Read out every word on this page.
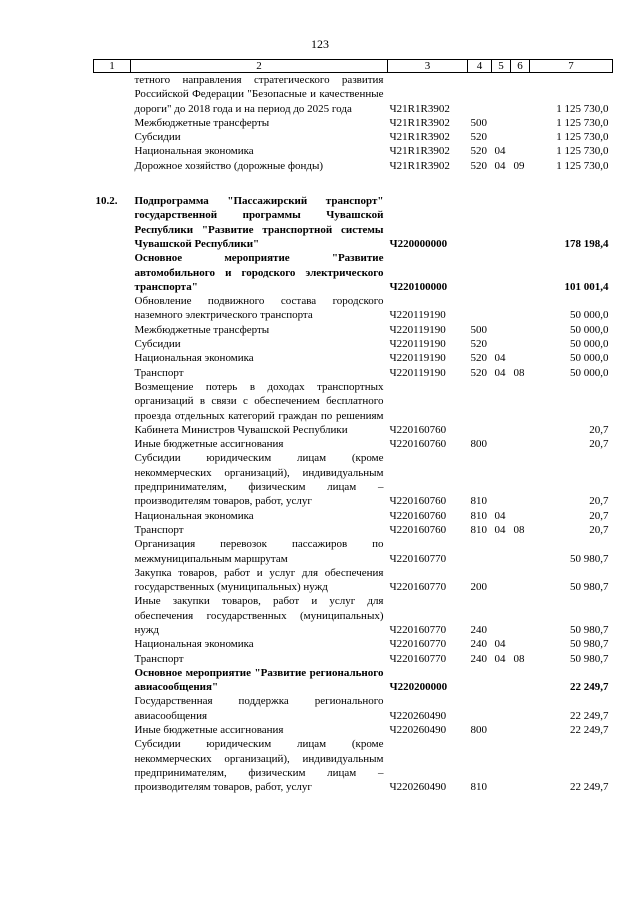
123
1	2	3	4	5	6	7
	тетного направления стратегического развития Российской Федерации "Безопасные и качественные дороги" до 2018 года и на период до 2025 года	Ч21R1R3902				1 125 730,0
	Межбюджетные трансферты	Ч21R1R3902	500			1 125 730,0
	Субсидии	Ч21R1R3902	520			1 125 730,0
	Национальная экономика	Ч21R1R3902	520	04		1 125 730,0
	Дорожное хозяйство (дорожные фонды)	Ч21R1R3902	520	04	09	1 125 730,0

10.2.	Подпрограмма "Пассажирский транспорт" государственной программы Чувашской Республики "Развитие транспортной системы Чувашской Республики"	Ч220000000				178 198,4
	Основное мероприятие "Развитие автомобильного и городского электрического транспорта"	Ч220100000				101 001,4
	Обновление подвижного состава городского наземного электрического транспорта	Ч220119190				50 000,0
	Межбюджетные трансферты	Ч220119190	500			50 000,0
	Субсидии	Ч220119190	520			50 000,0
	Национальная экономика	Ч220119190	520	04		50 000,0
	Транспорт	Ч220119190	520	04	08	50 000,0
	Возмещение потерь в доходах транспортных организаций в связи с обеспечением бесплатного проезда отдельных категорий граждан по решениям Кабинета Министров Чувашской Республики	Ч220160760				20,7
	Иные бюджетные ассигнования	Ч220160760	800			20,7
	Субсидии юридическим лицам (кроме некоммерческих организаций), индивидуальным предпринимателям, физическим лицам – производителям товаров, работ, услуг	Ч220160760	810			20,7
	Национальная экономика	Ч220160760	810	04		20,7
	Транспорт	Ч220160760	810	04	08	20,7
	Организация перевозок пассажиров по межмуниципальным маршрутам	Ч220160770				50 980,7
	Закупка товаров, работ и услуг для обеспечения государственных (муниципальных) нужд	Ч220160770	200			50 980,7
	Иные закупки товаров, работ и услуг для обеспечения государственных (муниципальных) нужд	Ч220160770	240			50 980,7
	Национальная экономика	Ч220160770	240	04		50 980,7
	Транспорт	Ч220160770	240	04	08	50 980,7
	Основное мероприятие "Развитие регионального авиасообщения"	Ч220200000				22 249,7
	Государственная поддержка регионального авиасообщения	Ч220260490				22 249,7
	Иные бюджетные ассигнования	Ч220260490	800			22 249,7
	Субсидии юридическим лицам (кроме некоммерческих организаций), индивидуальным предпринимателям, физическим лицам – производителям товаров, работ, услуг	Ч220260490	810			22 249,7
